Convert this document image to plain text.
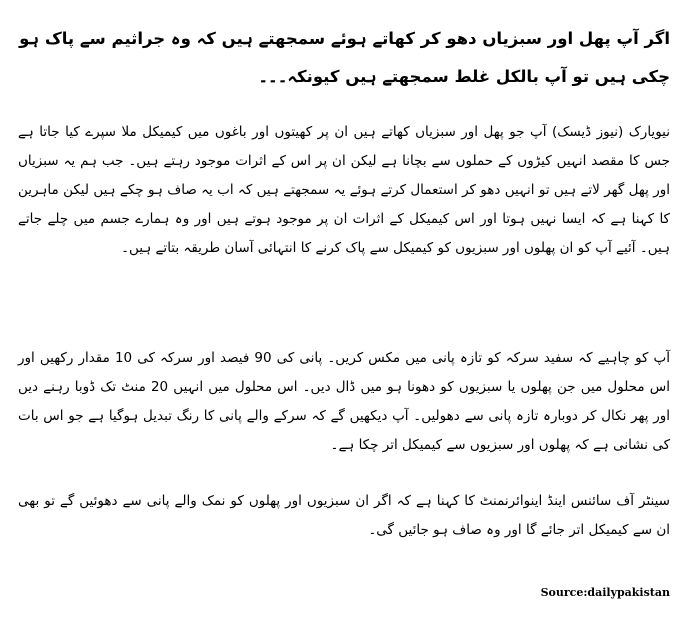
اگر آپ پھل اور سبزیاں دھو کر کھاتے ہوئے سمجھتے ہیں کہ وہ جراثیم سے پاک ہو چکی ہیں تو آپ بالکل غلط سمجھتے ہیں کیونکہ۔۔۔

نیویارک (نیوز ڈیسک) آپ جو پھل اور سبزیاں کھاتے ہیں ان پر کھیتوں اور باغوں میں کیمیکل ملا سپرے کیا جاتا ہے جس کا مقصد انہیں کیڑوں کے حملوں سے بچانا ہے لیکن ان پر اس کے اثرات موجود رہتے ہیں۔ جب ہم یہ سبزیاں اور پھل گھر لاتے ہیں تو انہیں دھو کر استعمال کرتے ہوئے یہ سمجھتے ہیں کہ اب یہ صاف ہو چکے ہیں لیکن ماہرین کا کہنا ہے کہ ایسا نہیں ہوتا اور اس کیمیکل کے اثرات ان پر موجود ہوتے ہیں اور وہ ہمارے جسم میں چلے جاتے ہیں۔ آئیے آپ کو ان پھلوں اور سبزیوں کو کیمیکل سے پاک کرنے کا انتہائی آسان طریقہ بتاتے ہیں۔

آپ کو چاہیے کہ سفید سرکہ کو تازہ پانی میں مکس کریں۔ پانی کی 90 فیصد اور سرکہ کی 10 مقدار رکھیں اور اس محلول میں جن پھلوں یا سبزیوں کو دھونا ہو میں ڈال دیں۔ اس محلول میں انہیں 20 منٹ تک ڈوبا رہنے دیں اور پھر نکال کر دوبارہ تازہ پانی سے دھولیں۔ آپ دیکھیں گے کہ سرکے والے پانی کا رنگ تبدیل ہوگیا ہے جو اس بات کی نشانی ہے کہ پھلوں اور سبزیوں سے کیمیکل اتر چکا ہے۔

سینٹر آف سائنس اینڈ اینوائرنمنٹ کا کہنا ہے کہ اگر ان سبزیوں اور پھلوں کو نمک والے پانی سے دھوئیں گے تو بھی ان سے کیمیکل اتر جائے گا اور وہ صاف ہو جائیں گی۔

Source:dailypakistan
